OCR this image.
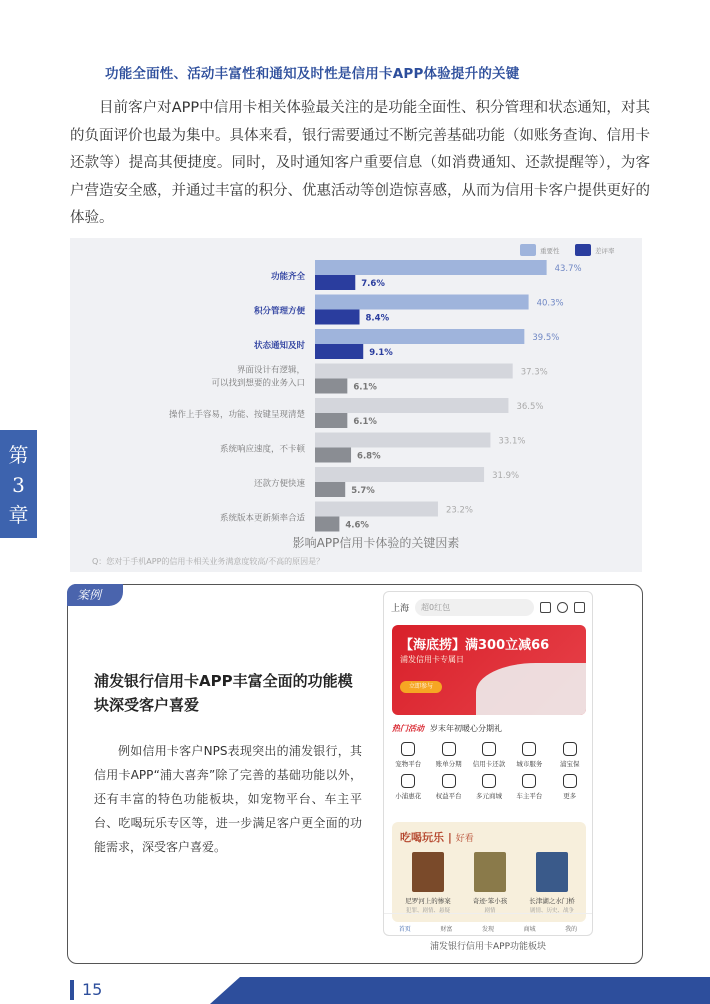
功能全面性、活动丰富性和通知及时性是信用卡APP体验提升的关键

目前客户对APP中信用卡相关体验最关注的是功能全面性、积分管理和状态通知，对其的负面评价也最为集中。具体来看，银行需要通过不断完善基础功能（如账务查询、信用卡还款等）提高其便捷度。同时，及时通知客户重要信息（如消费通知、还款提醒等），为客户营造安全感，并通过丰富的积分、优惠活动等创造惊喜感，从而为信用卡客户提供更好的体验。

重要性	差评率
43.7%
7.6%
功能齐全
40.3%
8.4%
积分管理方便
39.5%
9.1%
状态通知及时
37.3%
6.1%
界面设计有逻辑，
可以找到想要的业务入口
36.5%
6.1%
操作上手容易，功能、按键呈现清楚
33.1%
6.8%
系统响应速度，不卡顿
31.9%
5.7%
还款方便快速
23.2%
4.6%
系统版本更新频率合适
影响APP信用卡体验的关键因素
Q：您对于手机APP的信用卡相关业务满意度较高/不高的原因是？
第
3
章
案例
浦发银行信用卡APP丰富全面的功能模块深受客户喜爱

例如信用卡客户NPS表现突出的浦发银行，其信用卡APP“浦大喜奔”除了完善的基础功能以外，还有丰富的特色功能板块，如宠物平台、车主平台、吃喝玩乐专区等，进一步满足客户更全面的功能需求，深受客户喜爱。

上海	超0红包
【海底捞】满300立减66
浦发信用卡专属日
立即参与
热门活动 岁末年初暖心分期礼
宠物平台	账单分期	信用卡还款	城市服务	浦宝保
小浦惠花	权益平台	多元商城	车主平台	更多
吃喝玩乐 | 好看
尼罗河上的惨案	奇迹·笨小孩	长津湖之水门桥
犯罪、剧情、悬疑	剧情	剧情、历史、战争
首页	财富	发现	商城	我的
浦发银行信用卡APP功能板块
15
